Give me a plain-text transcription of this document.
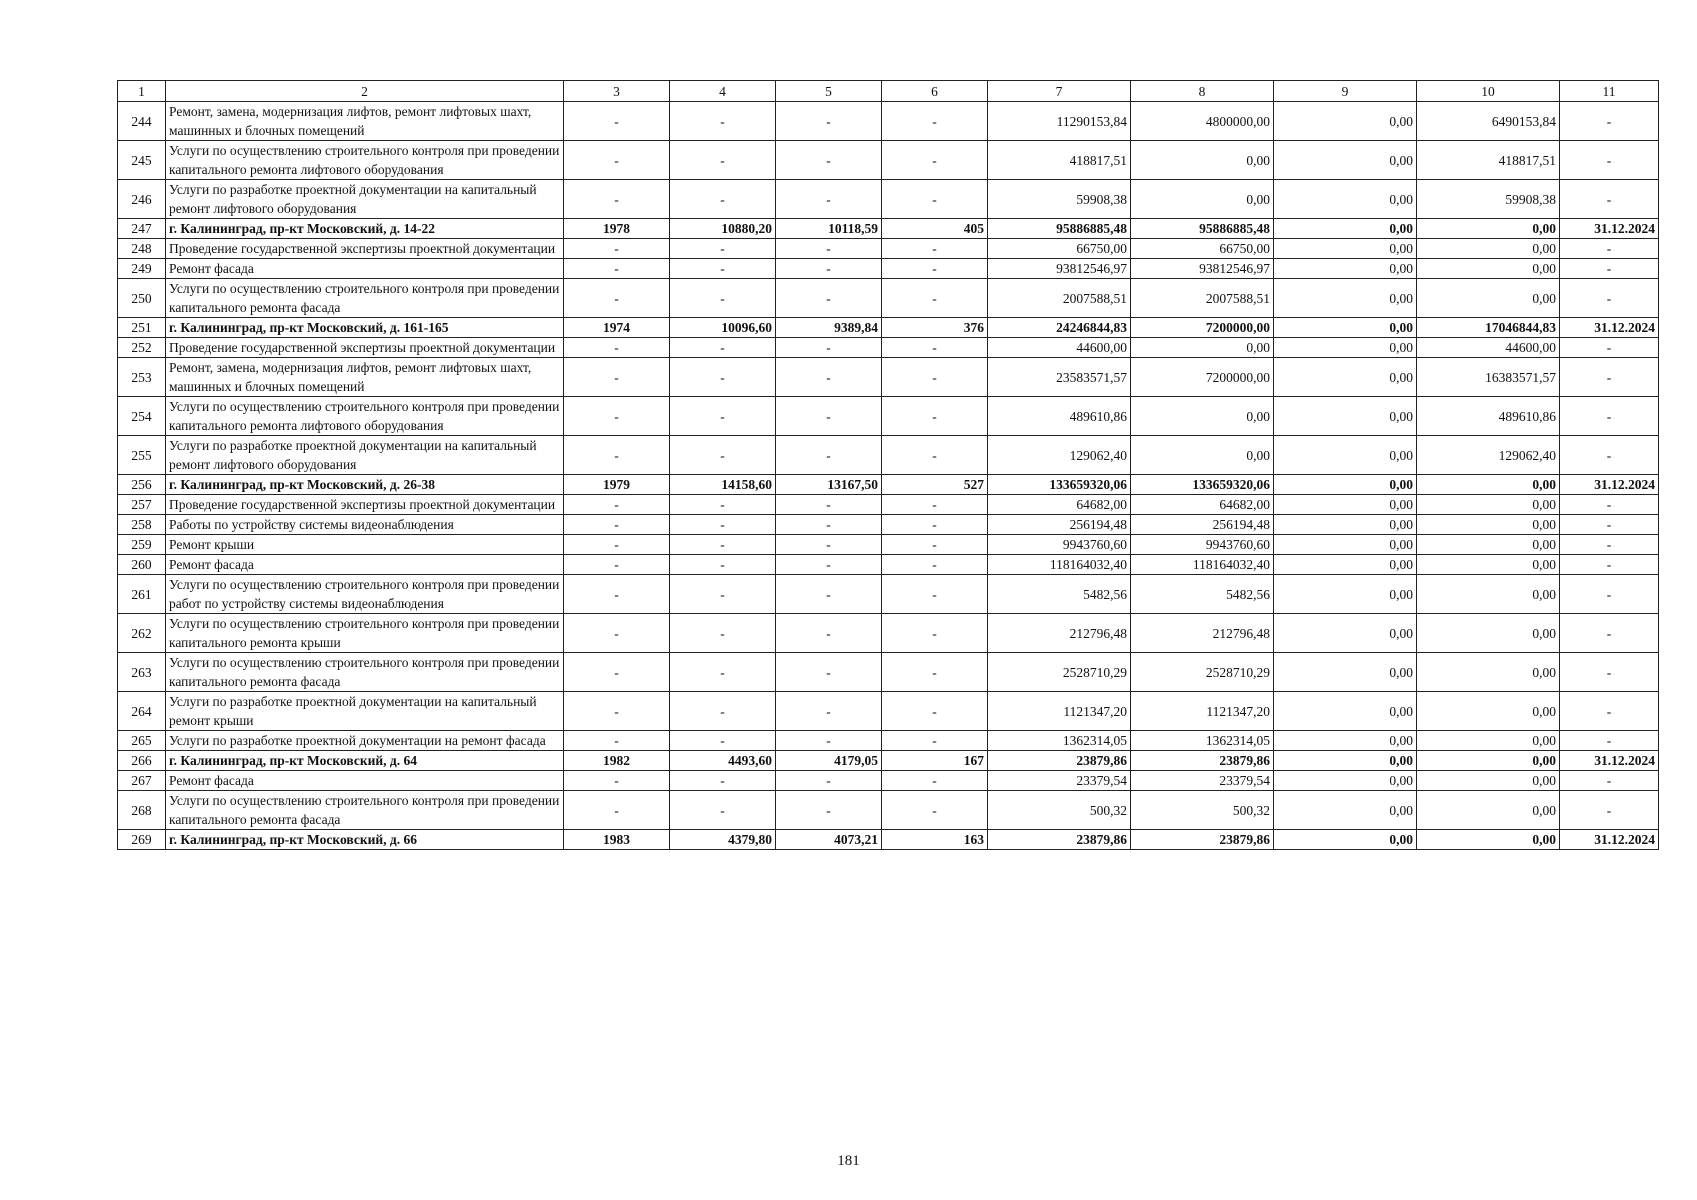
1	2	3	4	5	6	7	8	9	10	11
244	Ремонт, замена, модернизация лифтов, ремонт лифтовых шахт, машинных и блочных помещений	-	-	-	-	11290153,84	4800000,00	0,00	6490153,84	-
245	Услуги по осуществлению строительного контроля при проведении капитального ремонта лифтового оборудования	-	-	-	-	418817,51	0,00	0,00	418817,51	-
246	Услуги по разработке проектной документации на капитальный ремонт лифтового оборудования	-	-	-	-	59908,38	0,00	0,00	59908,38	-
247	г. Калининград, пр-кт Московский, д. 14-22	1978	10880,20	10118,59	405	95886885,48	95886885,48	0,00	0,00	31.12.2024
248	Проведение государственной экспертизы проектной документации	-	-	-	-	66750,00	66750,00	0,00	0,00	-
249	Ремонт фасада	-	-	-	-	93812546,97	93812546,97	0,00	0,00	-
250	Услуги по осуществлению строительного контроля при проведении капитального ремонта фасада	-	-	-	-	2007588,51	2007588,51	0,00	0,00	-
251	г. Калининград, пр-кт Московский, д. 161-165	1974	10096,60	9389,84	376	24246844,83	7200000,00	0,00	17046844,83	31.12.2024
252	Проведение государственной экспертизы проектной документации	-	-	-	-	44600,00	0,00	0,00	44600,00	-
253	Ремонт, замена, модернизация лифтов, ремонт лифтовых шахт, машинных и блочных помещений	-	-	-	-	23583571,57	7200000,00	0,00	16383571,57	-
254	Услуги по осуществлению строительного контроля при проведении капитального ремонта лифтового оборудования	-	-	-	-	489610,86	0,00	0,00	489610,86	-
255	Услуги по разработке проектной документации на капитальный ремонт лифтового оборудования	-	-	-	-	129062,40	0,00	0,00	129062,40	-
256	г. Калининград, пр-кт Московский, д. 26-38	1979	14158,60	13167,50	527	133659320,06	133659320,06	0,00	0,00	31.12.2024
257	Проведение государственной экспертизы проектной документации	-	-	-	-	64682,00	64682,00	0,00	0,00	-
258	Работы по устройству системы видеонаблюдения	-	-	-	-	256194,48	256194,48	0,00	0,00	-
259	Ремонт крыши	-	-	-	-	9943760,60	9943760,60	0,00	0,00	-
260	Ремонт фасада	-	-	-	-	118164032,40	118164032,40	0,00	0,00	-
261	Услуги по осуществлению строительного контроля при проведении работ по устройству системы видеонаблюдения	-	-	-	-	5482,56	5482,56	0,00	0,00	-
262	Услуги по осуществлению строительного контроля при проведении капитального ремонта крыши	-	-	-	-	212796,48	212796,48	0,00	0,00	-
263	Услуги по осуществлению строительного контроля при проведении капитального ремонта фасада	-	-	-	-	2528710,29	2528710,29	0,00	0,00	-
264	Услуги по разработке проектной документации на капитальный ремонт крыши	-	-	-	-	1121347,20	1121347,20	0,00	0,00	-
265	Услуги по разработке проектной документации на ремонт фасада	-	-	-	-	1362314,05	1362314,05	0,00	0,00	-
266	г. Калининград, пр-кт Московский, д. 64	1982	4493,60	4179,05	167	23879,86	23879,86	0,00	0,00	31.12.2024
267	Ремонт фасада	-	-	-	-	23379,54	23379,54	0,00	0,00	-
268	Услуги по осуществлению строительного контроля при проведении капитального ремонта фасада	-	-	-	-	500,32	500,32	0,00	0,00	-
269	г. Калининград, пр-кт Московский, д. 66	1983	4379,80	4073,21	163	23879,86	23879,86	0,00	0,00	31.12.2024
181
